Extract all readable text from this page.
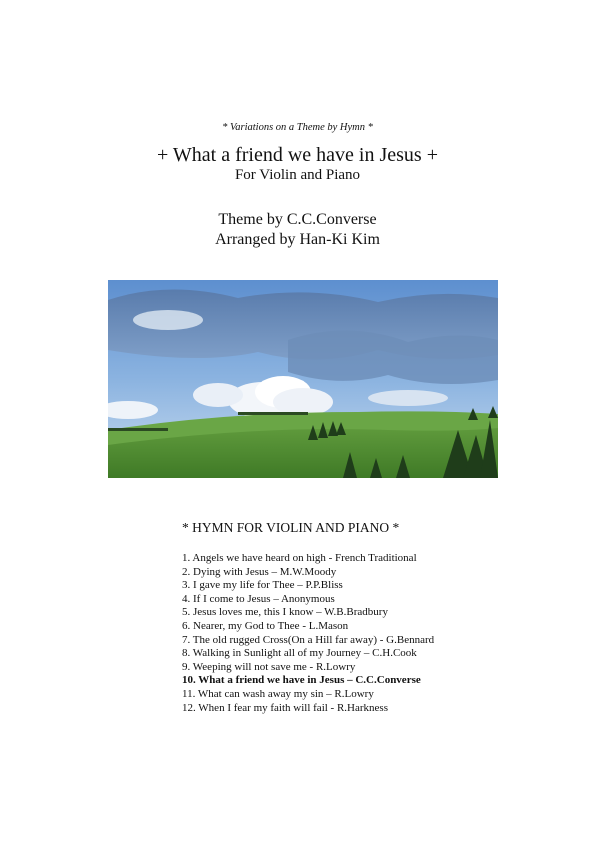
* Variations on a Theme by Hymn *
+ What a friend we have in Jesus +
For Violin and Piano
Theme by C.C.Converse
Arranged by Han-Ki Kim
* HYMN FOR VIOLIN AND PIANO *
1. Angels we have heard on high - French Traditional
2. Dying with Jesus – M.W.Moody
3. I gave my life for Thee – P.P.Bliss
4. If I come to Jesus – Anonymous
5. Jesus loves me, this I know – W.B.Bradbury
6. Nearer, my God to Thee - L.Mason
7. The old rugged Cross(On a Hill far away) - G.Bennard
8. Walking in Sunlight all of my Journey – C.H.Cook
9. Weeping will not save me - R.Lowry
10. What a friend we have in Jesus – C.C.Converse
11. What can wash away my sin – R.Lowry
12. When I fear my faith will fail - R.Harkness
